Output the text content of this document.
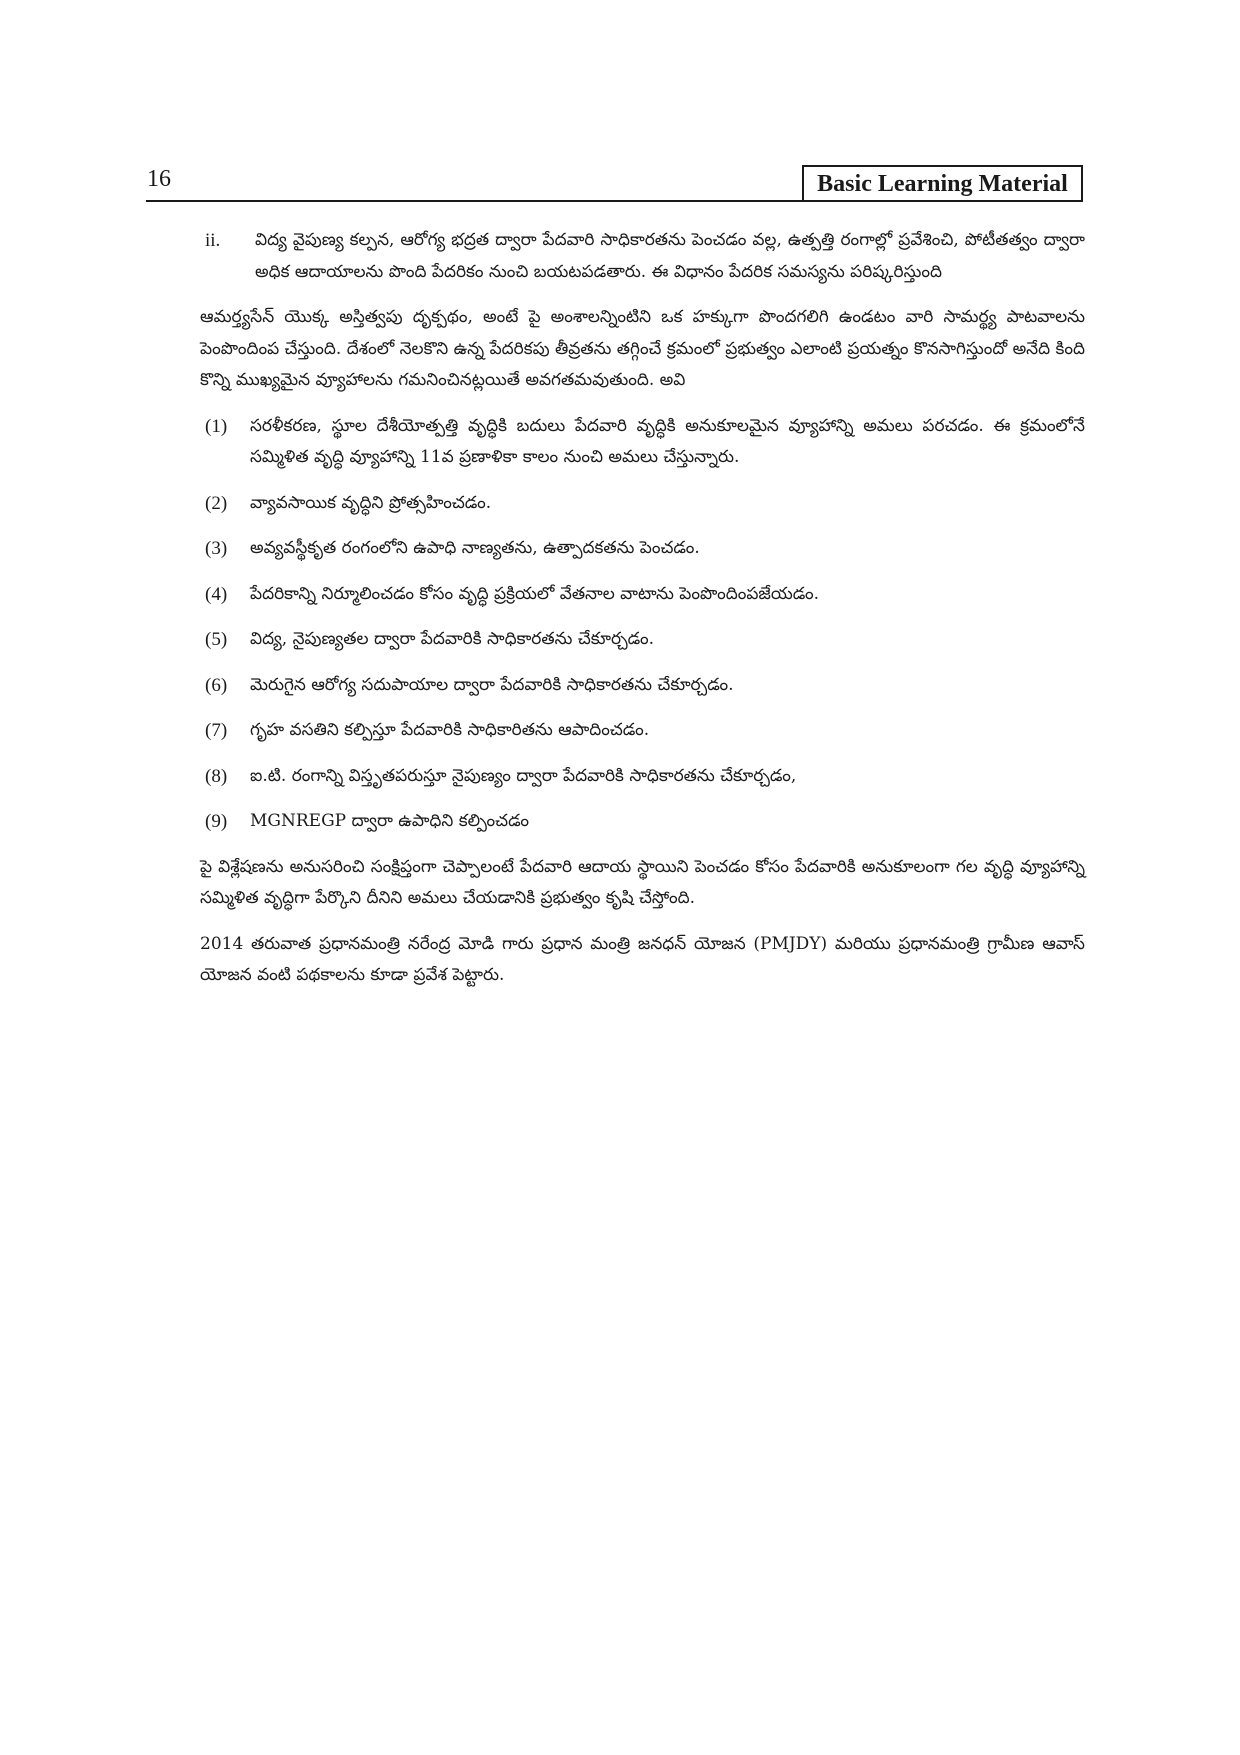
16	Basic Learning Material
ii.	విద్య వైపుణ్య కల్పన, ఆరోగ్య భద్రత ద్వారా పేదవారి సాధికారతను పెంచడం వల్ల, ఉత్పత్తి రంగాల్లో ప్రవేశించి, పోటీతత్వం ద్వారా అధిక ఆదాయాలను పొంది పేదరికం నుంచి బయటపడతారు. ఈ విధానం పేదరిక సమస్యను పరిష్కరిస్తుంది
ఆమర్త్యసేన్ యొక్క అస్తిత్వపు దృక్పథం, అంటే పై అంశాలన్నింటిని ఒక హక్కుగా పొందగలిగి ఉండటం వారి సామర్థ్య పాటవాలను పెంపొందింప చేస్తుంది. దేశంలో నెలకొని ఉన్న పేదరికపు తీవ్రతను తగ్గించే క్రమంలో ప్రభుత్వం ఎలాంటి ప్రయత్నం కొనసాగిస్తుందో అనేది కింది కొన్ని ముఖ్యమైన వ్యూహాలను గమనించినట్లయితే అవగతమవుతుంది. అవి
(1)	సరళీకరణ, స్థూల దేశీయోత్పత్తి వృద్ధికి బదులు పేదవారి వృద్ధికి అనుకూలమైన వ్యూహాన్ని అమలు పరచడం. ఈ క్రమంలోనే సమ్మిళిత వృద్ధి వ్యూహాన్ని 11వ ప్రణాళికా కాలం నుంచి అమలు చేస్తున్నారు.
(2)	వ్యావసాయిక వృద్ధిని ప్రోత్సహించడం.
(3)	అవ్యవస్థీకృత రంగంలోని ఉపాధి నాణ్యతను, ఉత్పాదకతను పెంచడం.
(4)	పేదరికాన్ని నిర్మూలించడం కోసం వృద్ధి ప్రక్రియలో వేతనాల వాటాను పెంపొందింపజేయడం.
(5)	విద్య, నైపుణ్యతల ద్వారా పేదవారికి సాధికారతను చేకూర్చడం.
(6)	మెరుగైన ఆరోగ్య సదుపాయాల ద్వారా పేదవారికి సాధికారతను చేకూర్చడం.
(7)	గృహ వసతిని కల్పిస్తూ పేదవారికి సాధికారితను ఆపాదించడం.
(8)	ఐ.టి. రంగాన్ని విస్తృతపరుస్తూ నైపుణ్యం ద్వారా పేదవారికి సాధికారతను చేకూర్చడం,
(9)	MGNREGP ద్వారా ఉపాధిని కల్పించడం
పై విశ్లేషణను అనుసరించి సంక్షిప్తంగా చెప్పాలంటే పేదవారి ఆదాయ స్థాయిని పెంచడం కోసం పేదవారికి అనుకూలంగా గల వృద్ధి వ్యూహాన్ని సమ్మిళిత వృద్ధిగా పేర్కొని దీనిని అమలు చేయడానికి ప్రభుత్వం కృషి చేస్తోంది.
2014 తరువాత ప్రధానమంత్రి నరేంద్ర మోడి గారు ప్రధాన మంత్రి జనధన్ యోజన (PMJDY) మరియు ప్రధానమంత్రి గ్రామీణ ఆవాస్ యోజన వంటి పథకాలను కూడా ప్రవేశ పెట్టారు.
